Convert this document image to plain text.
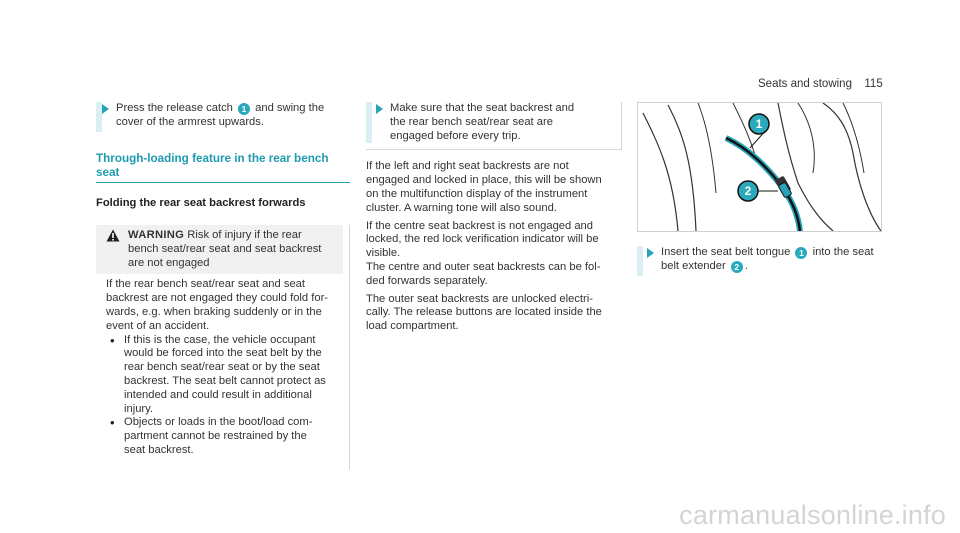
Seats and stowing 115
Press the release catch 1 and swing the
cover of the armrest upwards.
Through-loading feature in the rear bench
seat
Folding the rear seat backrest forwards
WARNING Risk of injury if the rear
bench seat/rear seat and seat backrest
are not engaged
If the rear bench seat/rear seat and seat
backrest are not engaged they could fold for-
wards, e.g. when braking suddenly or in the
event of an accident.
• If this is the case, the vehicle occupant
would be forced into the seat belt by the
rear bench seat/rear seat or by the seat
backrest. The seat belt cannot protect as
intended and could result in additional
injury.
• Objects or loads in the boot/load com-
partment cannot be restrained by the
seat backrest.
Make sure that the seat backrest and
the rear bench seat/rear seat are
engaged before every trip.
If the left and right seat backrests are not
engaged and locked in place, this will be shown
on the multifunction display of the instrument
cluster. A warning tone will also sound.
If the centre seat backrest is not engaged and
locked, the red lock verification indicator will be
visible.
The centre and outer seat backrests can be fol-
ded forwards separately.
The outer seat backrests are unlocked electri-
cally. The release buttons are located inside the
load compartment.
1
2
Insert the seat belt tongue 1 into the seat
belt extender 2 .
carmanualsonline.info
